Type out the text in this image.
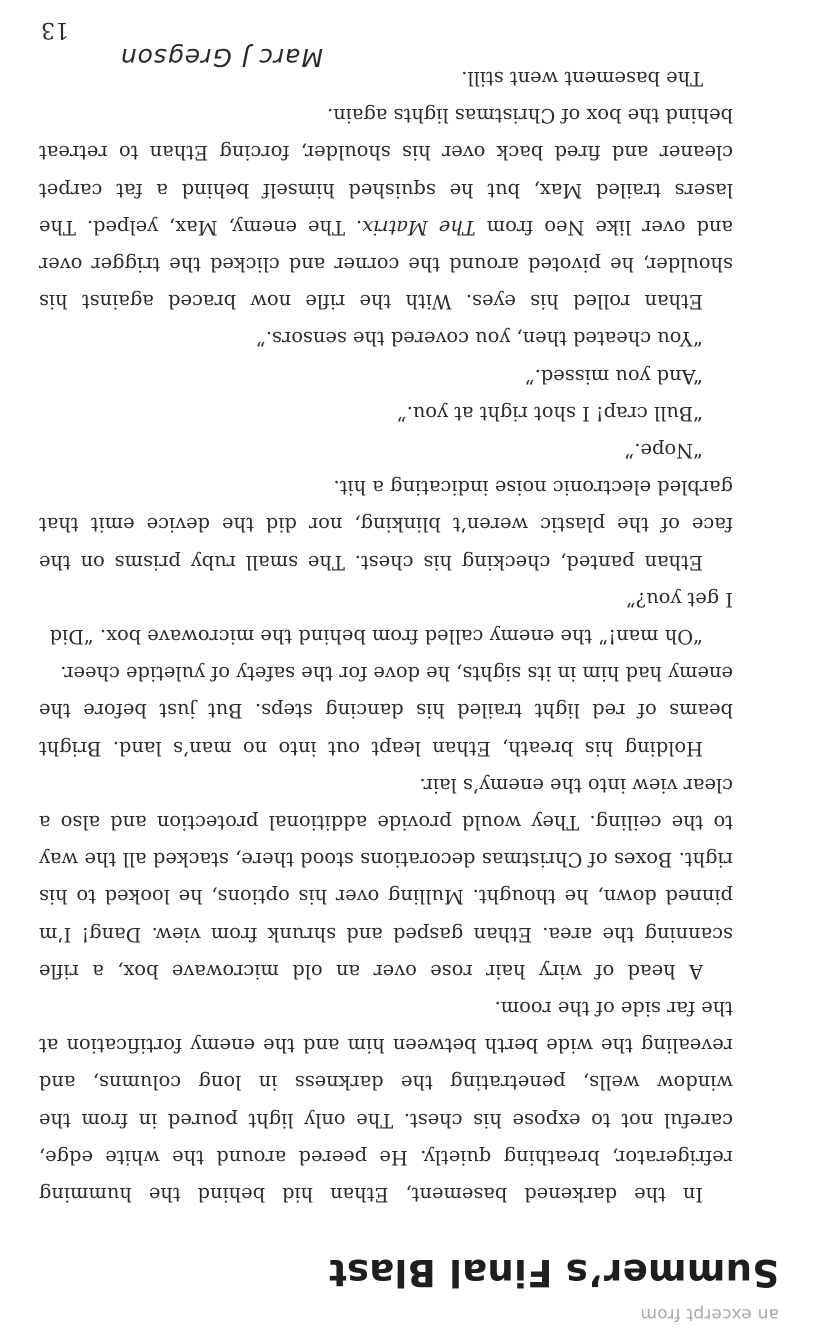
an excerpt from
Summer’s Final Blast

In the darkened basement, Ethan hid behind the humming refrigerator, breathing quietly. He peered around the white edge, careful not to expose his chest. The only light poured in from the window wells, penetrating the darkness in long columns, and revealing the wide berth between him and the enemy fortification at the far side of the room.

A head of wiry hair rose over an old microwave box, a rifle scanning the area. Ethan gasped and shrunk from view. Dang! I’m pinned down, he thought. Mulling over his options, he looked to his right. Boxes of Christmas decorations stood there, stacked all the way to the ceiling. They would provide additional protection and also a clear view into the enemy’s lair.

Holding his breath, Ethan leapt out into no man’s land. Bright beams of red light trailed his dancing steps. But just before the enemy had him in its sights, he dove for the safety of yuletide cheer.

“Oh man!” the enemy called from behind the microwave box. “Did I get you?”

Ethan panted, checking his chest. The small ruby prisms on the face of the plastic weren’t blinking, nor did the device emit that garbled electronic noise indicating a hit.

“Nope.”

“Bull crap! I shot right at you.”

“And you missed.”

“You cheated then, you covered the sensors.”

Ethan rolled his eyes. With the rifle now braced against his shoulder, he pivoted around the corner and clicked the trigger over and over like Neo from The Matrix. The enemy, Max, yelped. The lasers trailed Max, but he squished himself behind a fat carpet cleaner and fired back over his shoulder, forcing Ethan to retreat behind the box of Christmas lights again.

The basement went still.

Marc J Gregson

13
